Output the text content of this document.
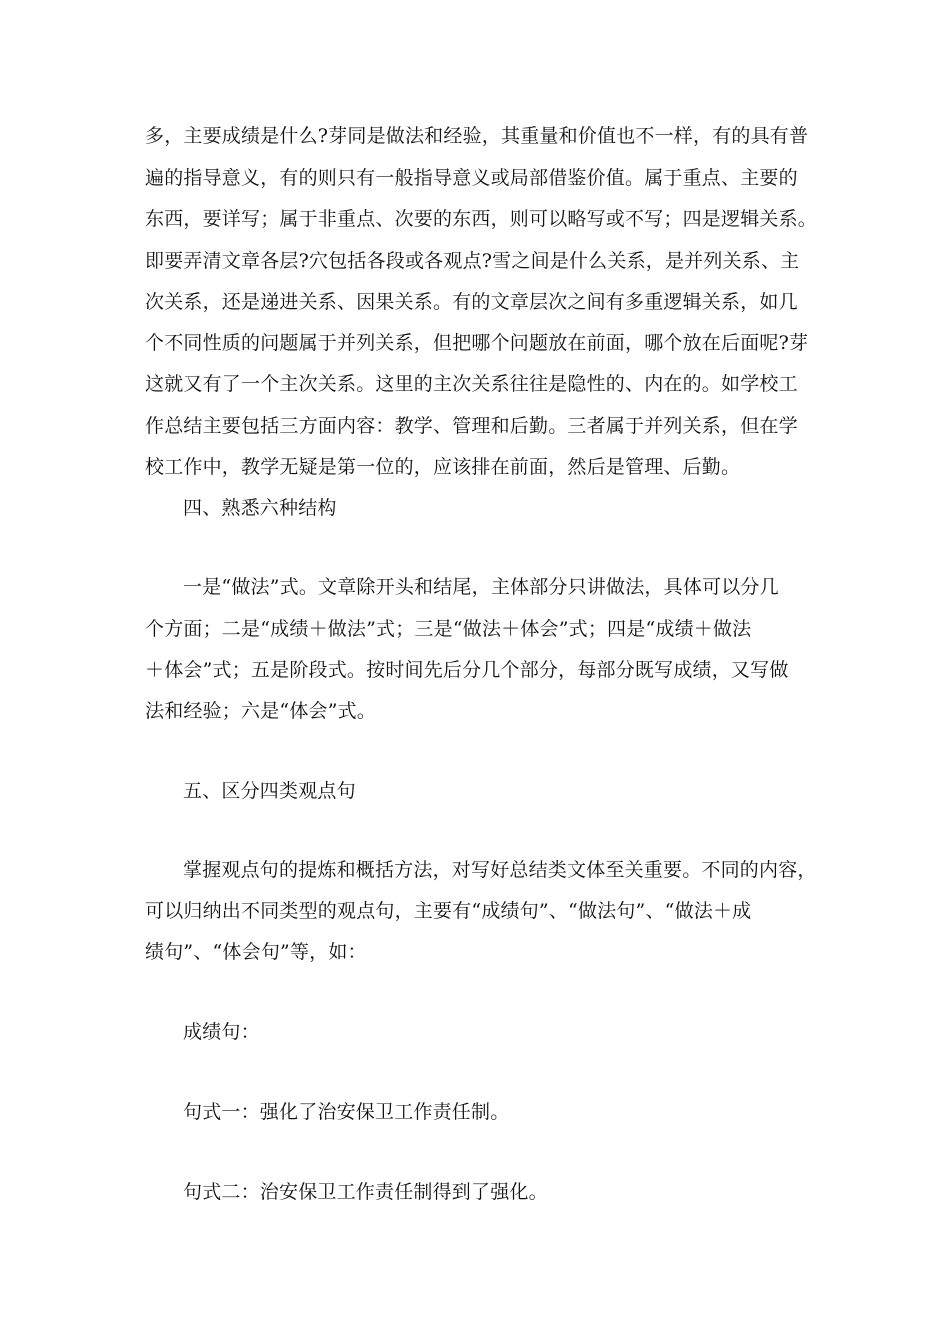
多，主要成绩是什么?芽同是做法和经验，其重量和价值也不一样，有的具有普
遍的指导意义，有的则只有一般指导意义或局部借鉴价值。属于重点、主要的
东西，要详写；属于非重点、次要的东西，则可以略写或不写；四是逻辑关系。
即要弄清文章各层?穴包括各段或各观点?雪之间是什么关系，是并列关系、主
次关系，还是递进关系、因果关系。有的文章层次之间有多重逻辑关系，如几
个不同性质的问题属于并列关系，但把哪个问题放在前面，哪个放在后面呢?芽
这就又有了一个主次关系。这里的主次关系往往是隐性的、内在的。如学校工
作总结主要包括三方面内容：教学、管理和后勤。三者属于并列关系，但在学
校工作中，教学无疑是第一位的，应该排在前面，然后是管理、后勤。
四、熟悉六种结构
一是“做法”式。文章除开头和结尾，主体部分只讲做法，具体可以分几
个方面；二是“成绩＋做法”式；三是“做法＋体会”式；四是“成绩＋做法
＋体会”式；五是阶段式。按时间先后分几个部分，每部分既写成绩，又写做
法和经验；六是“体会”式。
五、区分四类观点句
掌握观点句的提炼和概括方法，对写好总结类文体至关重要。不同的内容，
可以归纳出不同类型的观点句，主要有“成绩句”、“做法句”、“做法＋成
绩句”、“体会句”等，如：
成绩句：
句式一：强化了治安保卫工作责任制。
句式二：治安保卫工作责任制得到了强化。
